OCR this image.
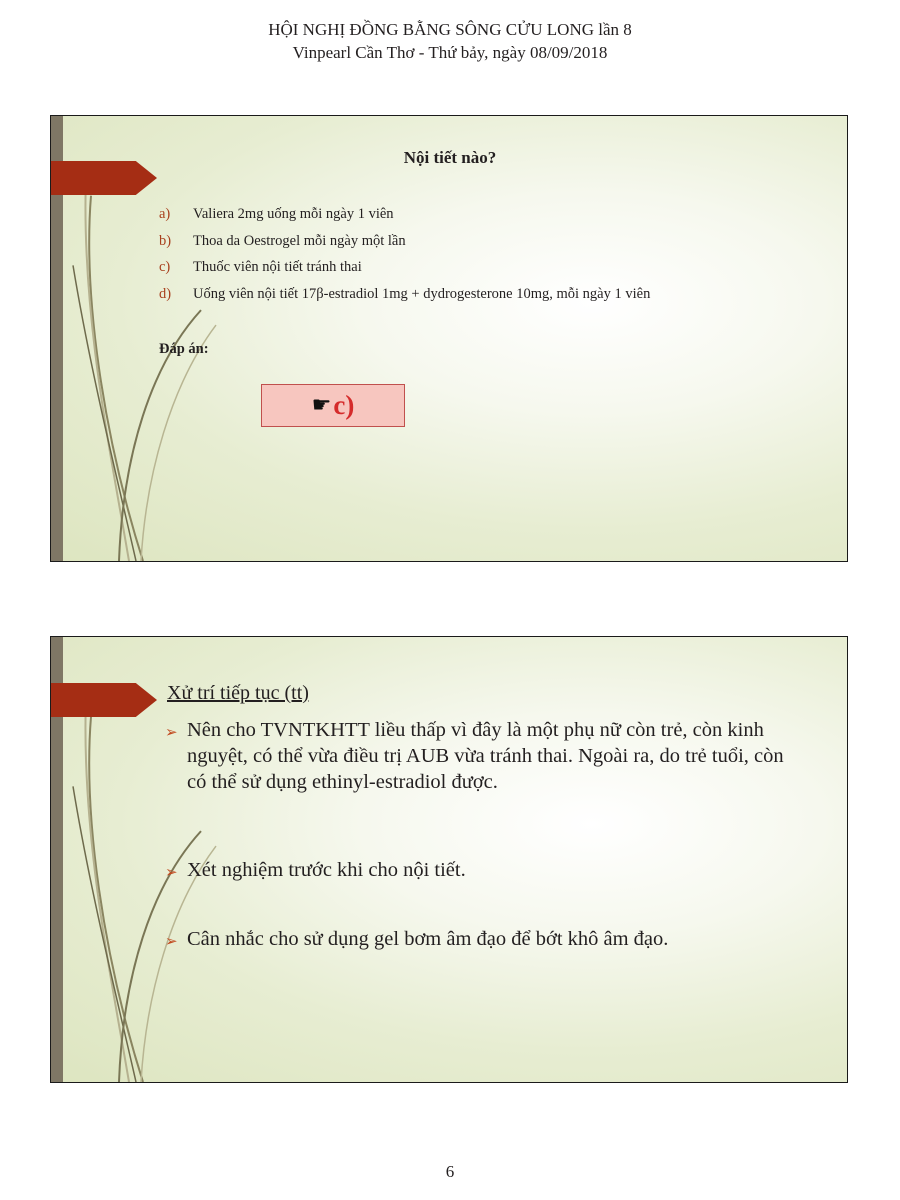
HỘI NGHỊ ĐỒNG BẰNG SÔNG CỬU LONG lần 8
Vinpearl Cần Thơ - Thứ bảy, ngày 08/09/2018
Nội tiết nào?
a)	Valiera 2mg uống mỗi ngày 1 viên
b)	Thoa da Oestrogel mỗi ngày một lần
c)	Thuốc viên nội tiết tránh thai
d)	Uống viên nội tiết 17β-estradiol 1mg + dydrogesterone 10mg, mỗi ngày 1 viên
Đáp án:
☛ c)
Xử trí tiếp tục (tt)
➢ Nên cho TVNTKHTT liều thấp vì đây là một phụ nữ còn trẻ, còn kinh nguyệt, có thể vừa điều trị AUB vừa tránh thai. Ngoài ra, do trẻ tuổi, còn có thể sử dụng ethinyl-estradiol được.
➢ Xét nghiệm trước khi cho nội tiết.
➢ Cân nhắc cho sử dụng gel bơm âm đạo để bớt khô âm đạo.
6
